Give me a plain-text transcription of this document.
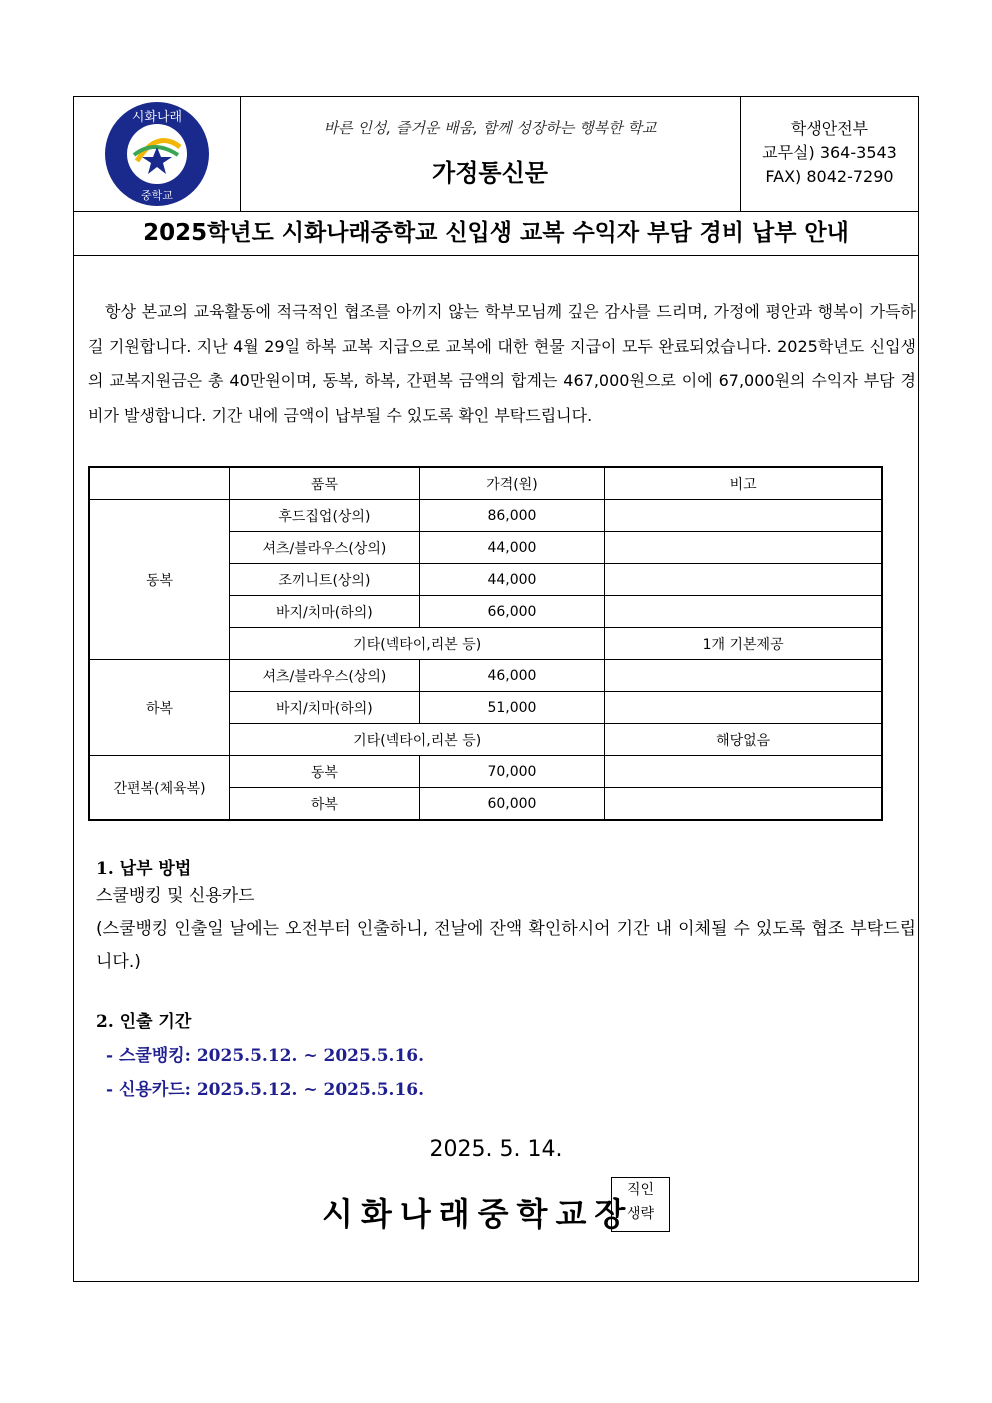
시화나래
중학교
바른 인성, 즐거운 배움, 함께 성장하는 행복한 학교
가정통신문
학생안전부
교무실) 364-3543
FAX) 8042-7290
2025학년도 시화나래중학교 신입생 교복 수익자 부담 경비 납부 안내
항상 본교의 교육활동에 적극적인 협조를 아끼지 않는 학부모님께 깊은 감사를 드리며, 가정에 평안과 행복이 가득하길 기원합니다. 지난 4월 29일 하복 교복 지급으로 교복에 대한 현물 지급이 모두 완료되었습니다. 2025학년도 신입생의 교복지원금은 총 40만원이며, 동복, 하복, 간편복 금액의 합계는 467,000원으로 이에 67,000원의 수익자 부담 경비가 발생합니다. 기간 내에 금액이 납부될 수 있도록 확인 부탁드립니다.
	품목	가격(원)	비고
동복	후드집업(상의)	86,000	
	셔츠/블라우스(상의)	44,000	
	조끼니트(상의)	44,000	
	바지/치마(하의)	66,000	
	기타(넥타이,리본 등)		1개 기본제공
하복	셔츠/블라우스(상의)	46,000	
	바지/치마(하의)	51,000	
	기타(넥타이,리본 등)		해당없음
간편복(체육복)	동복	70,000	
	하복	60,000	
1. 납부 방법
스쿨뱅킹 및 신용카드
(스쿨뱅킹 인출일 날에는 오전부터 인출하니, 전날에 잔액 확인하시어 기간 내 이체될 수 있도록 협조 부탁드립니다.)
2. 인출 기간
- 스쿨뱅킹: 2025.5.12. ~ 2025.5.16.
- 신용카드: 2025.5.12. ~ 2025.5.16.
2025. 5. 14.
시화나래중학교장
직인
생략
